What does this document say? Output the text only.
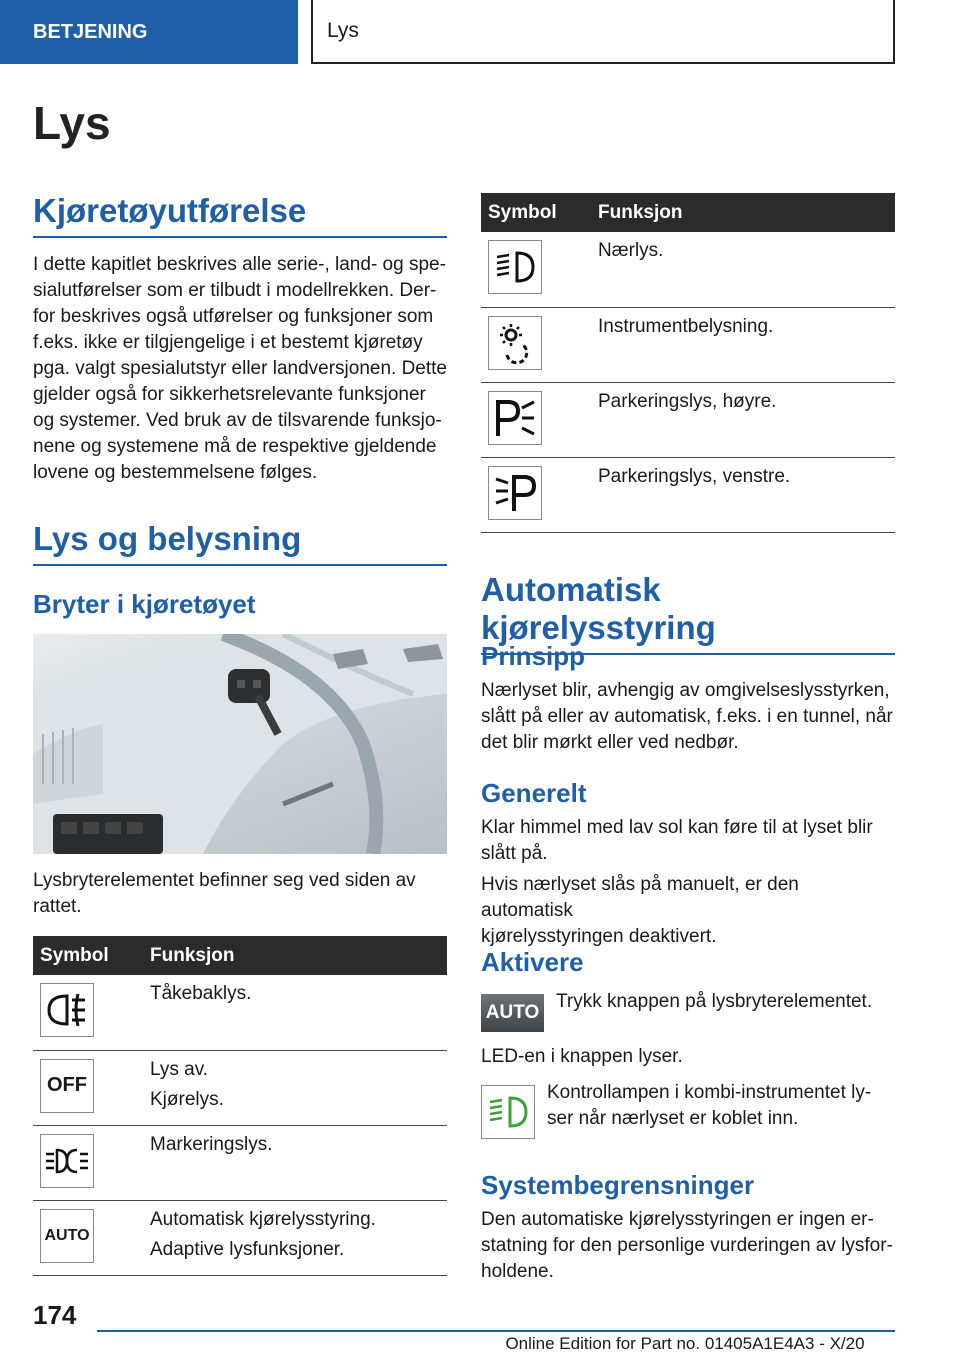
BETJENING	Lys
Lys
Kjøretøyutførelse
I dette kapitlet beskrives alle serie-, land- og spe-
sialutførelser som er tilbudt i modellrekken. Der-
for beskrives også utførelser og funksjoner som
f.eks. ikke er tilgjengelige i et bestemt kjøretøy
pga. valgt spesialutstyr eller landversjonen. Dette
gjelder også for sikkerhetsrelevante funksjoner
og systemer. Ved bruk av de tilsvarende funksjo-
nene og systemene må de respektive gjeldende
lovene og bestemmelsene følges.
Lys og belysning
Bryter i kjøretøyet
Lysbryterelementet befinner seg ved siden av
rattet.
Symbol	Funksjon

Tåkebaklys.

OFF	Lys av.
Kjørelys.

Markeringslys.

AUTO	Automatisk kjørelysstyring.
Adaptive lysfunksjoner.
Symbol	Funksjon

Nærlys.

Instrumentbelysning.

Parkeringslys, høyre.

Parkeringslys, venstre.
Automatisk kjørelysstyring
Prinsipp
Nærlyset blir, avhengig av omgivelseslysstyrken,
slått på eller av automatisk, f.eks. i en tunnel, når
det blir mørkt eller ved nedbør.
Generelt
Klar himmel med lav sol kan føre til at lyset blir
slått på.
Hvis nærlyset slås på manuelt, er den automatisk
kjørelysstyringen deaktivert.
Aktivere
AUTO
Trykk knappen på lysbryterelementet.
LED-en i knappen lyser.
Kontrollampen i kombi-instrumentet ly-
ser når nærlyset er koblet inn.
Systembegrensninger
Den automatiske kjørelysstyringen er ingen er-
statning for den personlige vurderingen av lysfor-
holdene.
174
Online Edition for Part no. 01405A1E4A3 - X/20
